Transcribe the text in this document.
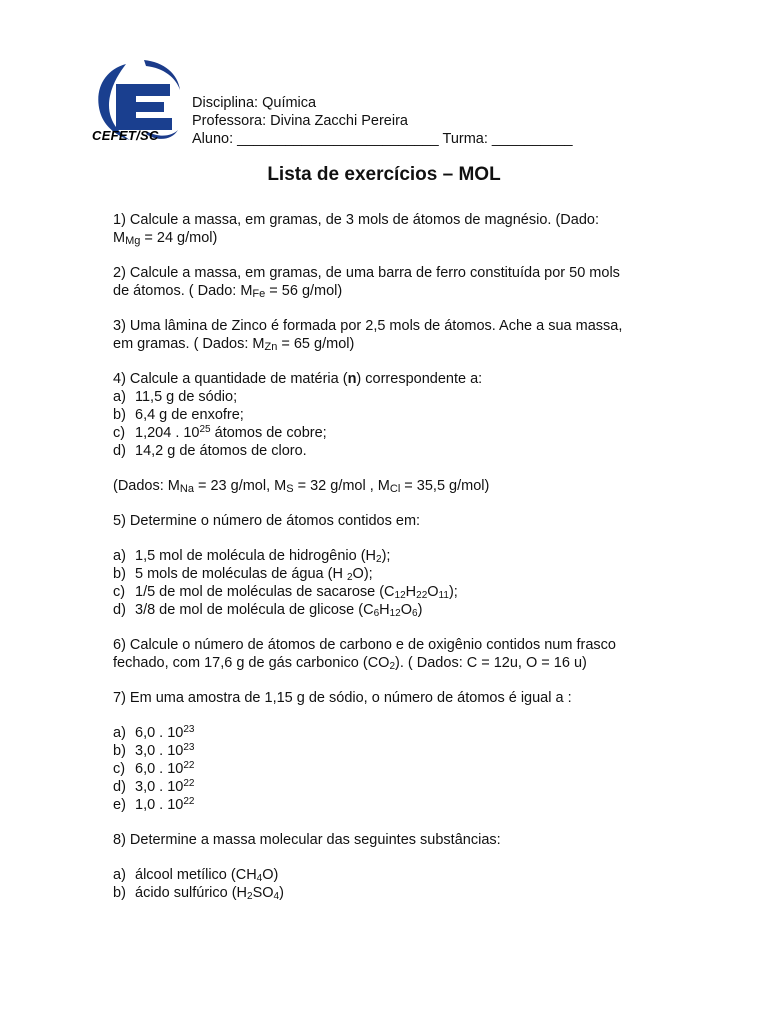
CEFET/SC
Disciplina: Química
Professora: Divina Zacchi Pereira
Aluno: _________________________ Turma: __________
Lista de exercícios – MOL
1) Calcule a massa, em gramas, de 3 mols de átomos de magnésio. (Dado:
$M_{Mg} = 24$ g/mol)
2) Calcule a massa, em gramas, de uma barra de ferro constituída por 50 mols
de átomos. ( Dado: $M_{Fe} = 56$ g/mol)
3) Uma lâmina de Zinco é formada por 2,5 mols de átomos. Ache a sua massa,
em gramas. ( Dados: $M_{Zn} = 65$ g/mol)
4) Calcule a quantidade de matéria (n) correspondente a:
a) 11,5 g de sódio;
b) 6,4 g de enxofre;
c) 1,204 . $10^{25}$ átomos de cobre;
d) 14,2 g de átomos de cloro.
(Dados: $M_{Na} = 23$ g/mol, $M_S = 32$ g/mol , $M_{Cl} = 35,5$ g/mol)
5) Determine o número de átomos contidos em:
a) 1,5 mol de molécula de hidrogênio $(H_2)$;
b) 5 mols de moléculas de água (H $_2$O);
c) 1/5 de mol de moléculas de sacarose $(C_{12}H_{22}O_{11})$;
d) 3/8 de mol de molécula de glicose $(C_6H_{12}O_6)$
6) Calcule o número de átomos de carbono e de oxigênio contidos num frasco
fechado, com 17,6 g de gás carbonico $(CO_2)$. ( Dados: C = 12u, O = 16 u)
7) Em uma amostra de 1,15 g de sódio, o número de átomos é igual a :
a) 6,0 . $10^{23}$
b) 3,0 . $10^{23}$
c) 6,0 . $10^{22}$
d) 3,0 . $10^{22}$
e) 1,0 . $10^{22}$
8) Determine a massa molecular das seguintes substâncias:
a) álcool metílico $(CH_4O)$
b) ácido sulfúrico $(H_2SO_4)$
